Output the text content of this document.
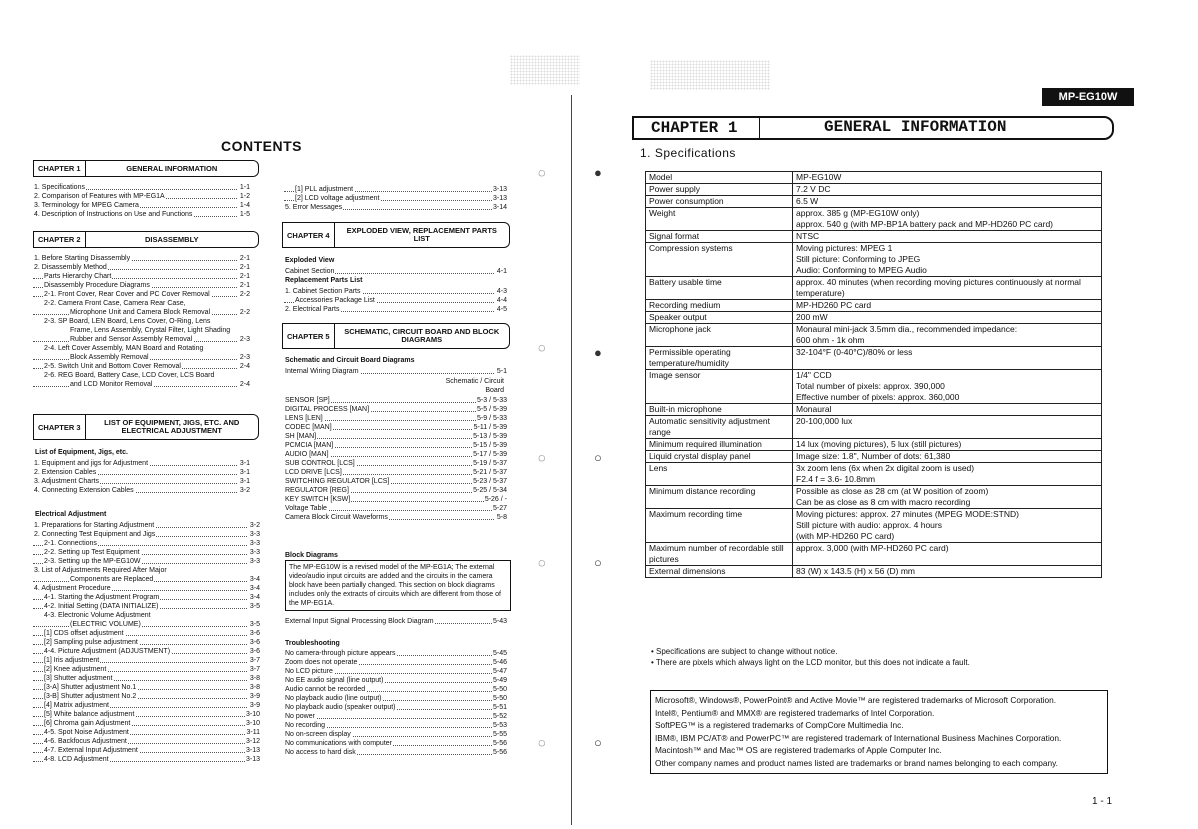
CONTENTS
CHAPTER 1	GENERAL INFORMATION
1. Specifications	1-1
2. Comparison of Features with MP-EG1A	1-2
3. Terminology for MPEG Camera	1-4
4. Description of Instructions on Use and Functions	1-5
CHAPTER 2	DISASSEMBLY
1. Before Starting Disassembly	2-1
2. Disassembly Method	2-1
Parts Hierarchy Chart	2-1
Disassembly Procedure Diagrams	2-1
2-1. Front Cover, Rear Cover and PC Cover Removal	2-2
2-2. Camera Front Case, Camera Rear Case,
Microphone Unit and Camera Block Removal	2-2
2-3. SP Board, LEN Board, Lens Cover, O-Ring, Lens
Frame, Lens Assembly, Crystal Filter, Light Shading
Rubber and Sensor Assembly Removal	2-3
2-4. Left Cover Assembly, MAN Board and Rotating
Block Assembly Removal	2-3
2-5. Switch Unit and Bottom Cover Removal	2-4
2-6. REG Board, Battery Case, LCD Cover, LCS Board
and LCD Monitor Removal	2-4
CHAPTER 3	LIST OF EQUIPMENT, JIGS, ETC. AND ELECTRICAL ADJUSTMENT
List of Equipment, Jigs, etc.
1. Equipment and jigs for Adjustment	3-1
2. Extension Cables	3-1
3. Adjustment Charts	3-1
4. Connecting Extension Cables	3-2
Electrical Adjustment
1. Preparations for Starting Adjustment	3-2
2. Connecting Test Equipment and Jigs	3-3
2-1. Connections	3-3
2-2. Setting up Test Equipment	3-3
2-3. Setting up the MP-EG10W	3-3
3. List of Adjustments Required After Major
Components are Replaced	3-4
4. Adjustment Procedure	3-4
4-1. Starting the Adjustment Program	3-4
4-2. Initial Setting (DATA INITIALIZE)	3-5
4-3. Electronic Volume Adjustment
(ELECTRIC VOLUME)	3-5
[1] CDS offset adjustment	3-6
[2] Sampling pulse adjustment	3-6
4-4. Picture Adjustment (ADJUSTMENT)	3-6
[1] Iris adjustment	3-7
[2] Knee adjustment	3-7
[3] Shutter adjustment	3-8
[3-A] Shutter adjustment No.1	3-8
[3-B] Shutter adjustment No.2	3-9
[4] Matrix adjustment	3-9
[5] White balance adjustment	3-10
[6] Chroma gain Adjustment	3-10
4-5. Spot Noise Adjustment	3-11
4-6. Backfocus Adjustment	3-12
4-7. External Input Adjustment	3-13
4-8. LCD Adjustment	3-13
[1] PLL adjustment	3-13
[2] LCD voltage adjustment	3-13
5. Error Messages	3-14
CHAPTER 4	EXPLODED VIEW, REPLACEMENT PARTS LIST
Exploded View
Cabinet Section	4-1
Replacement Parts List
1. Cabinet Section Parts	4-3
Accessories Package List	4-4
2. Electrical Parts	4-5
CHAPTER 5	SCHEMATIC, CIRCUIT BOARD AND BLOCK DIAGRAMS
Schematic and Circuit Board Diagrams
Internal Wiring Diagram	5-1
Schematic / Circuit
Board
SENSOR [SP]	5-3 / 5-33
DIGITAL PROCESS [MAN]	5-5 / 5-39
LENS [LEN]	5-9 / 5-33
CODEC [MAN]	5-11 / 5-39
SH [MAN]	5-13 / 5-39
PCMCIA [MAN]	5-15 / 5-39
AUDIO [MAN]	5-17 / 5-39
SUB CONTROL [LCS]	5-19 / 5-37
LCD DRIVE [LCS]	5-21 / 5-37
SWITCHING REGULATOR [LCS]	5-23 / 5-37
REGULATOR [REG]	5-25 / 5-34
KEY SWITCH [KSW]	5-26 / -
Voltage Table	5-27
Camera Block Circuit Waveforms	5-8
Block Diagrams
The MP-EG10W is a revised model of the MP-EG1A; The external video/audio input circuits are added and the circuits in the camera block have been partially changed. This section on block diagrams includes only the extracts of circuits which are different from those of the MP-EG1A.
External Input Signal Processing Block Diagram	5-43
Troubleshooting
No camera-through picture appears	5-45
Zoom does not operate	5-46
No LCD picture	5-47
No EE audio signal (line output)	5-49
Audio cannot be recorded	5-50
No playback audio (line output)	5-50
No playback audio (speaker output)	5-51
No power	5-52
No recording	5-53
No on-screen display	5-55
No communications with computer	5-56
No access to hard disk	5-56
◌
◌
◌
◌
◌
●
●
○
○
○
MP-EG10W
CHAPTER 1	GENERAL INFORMATION
1. Specifications
Model	MP-EG10W

Power supply	7.2 V DC

Power consumption	6.5 W

Weight	approx. 385 g (MP-EG10W only)
approx. 540 g (with MP-BP1A battery pack and MP-HD260 PC card)

Signal format	NTSC

Compression systems	Moving pictures: MPEG 1
Still picture: Conforming to JPEG
Audio: Conforming to MPEG Audio

Battery usable time	approx. 40 minutes (when recording moving pictures continuously at normal temperature)

Recording medium	MP-HD260 PC card

Speaker output	200 mW

Microphone jack	Monaural mini-jack 3.5mm dia., recommended impedance:
600 ohm - 1k ohm

Permissible operating temperature/humidity	32-104°F (0-40°C)/80% or less

Image sensor	1/4" CCD
Total number of pixels: approx. 390,000
Effective number of pixels: approx. 360,000

Built-in microphone	Monaural

Automatic sensitivity adjustment range	20-100,000 lux

Minimum required illumination	14 lux (moving pictures), 5 lux (still pictures)

Liquid crystal display panel	Image size: 1.8", Number of dots: 61,380

Lens	3x zoom lens (6x when 2x digital zoom is used)
F2.4 f = 3.6- 10.8mm

Minimum distance recording	Possible as close as 28 cm (at W position of zoom)
Can be as close as 8 cm with macro recording

Maximum recording time	Moving pictures: approx. 27 minutes (MPEG MODE:STND)
Still picture with audio: approx. 4 hours
(with MP-HD260 PC card)

Maximum number of recordable still pictures	approx. 3,000 (with MP-HD260 PC card)

External dimensions	83 (W) x 143.5 (H) x 56 (D) mm
• Specifications are subject to change without notice.
• There are pixels which always light on the LCD monitor, but this does not indicate a fault.
Microsoft®, Windows®, PowerPoint® and Active Movie™ are registered trademarks of Microsoft Corporation.
Intel®, Pentium® and MMX® are registered trademarks of Intel Corporation.
SoftPEG™ is a registered trademarks of CompCore Multimedia Inc.
IBM®, IBM PC/AT® and PowerPC™ are registered trademark of International Business Machines Corporation.
Macintosh™ and Mac™ OS are registered trademarks of Apple Computer Inc.
Other company names and product names listed are trademarks or brand names belonging to each company.
1 - 1
